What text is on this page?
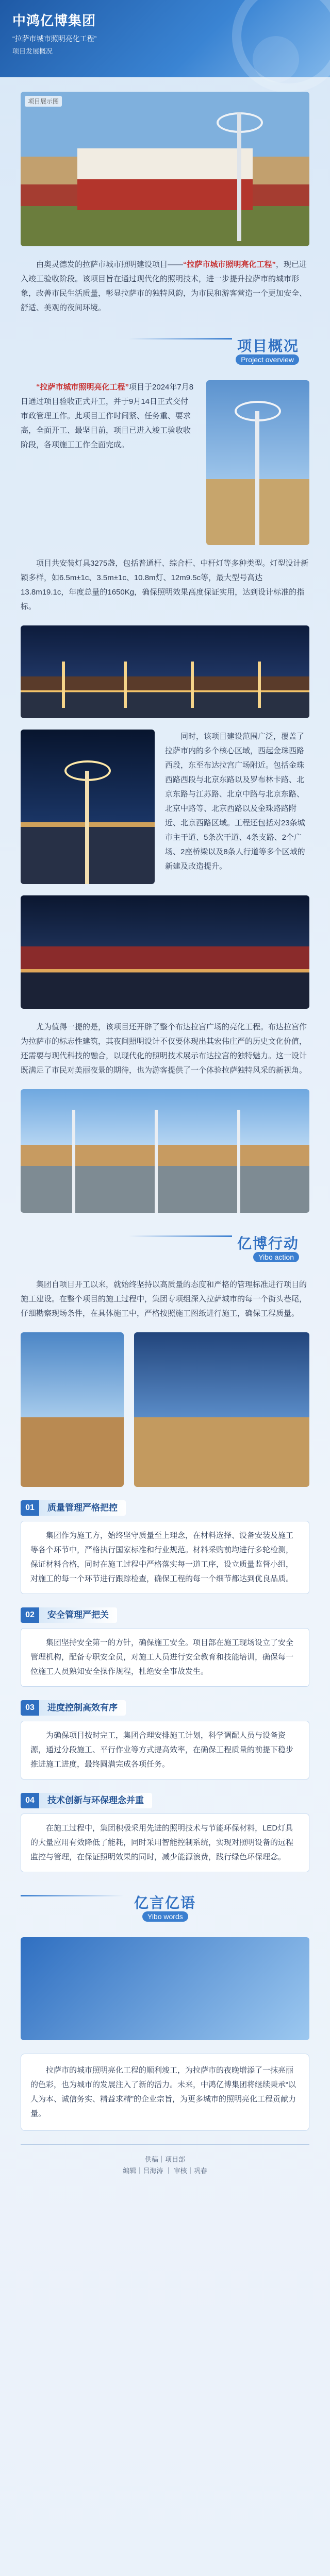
中鸿亿博集团
“拉萨市城市照明亮化工程”
项目发展概况
项目展示图
由奥灵德发的拉萨市城市照明建设项目——“拉萨市城市照明亮化工程”，现已进入竣工验收阶段。该项目旨在通过现代化的照明技术，进一步提升拉萨市的城市形象，改善市民生活质量，彰显拉萨市的独特风韵，为市民和游客营造一个更加安全、舒适、美观的夜间环境。
项目概况
Project overview
“拉萨市城市照明亮化工程”项目于2024年7月8日通过项目验收正式开工，并于9月14日正式交付市政管理工作。此项目工作时间紧、任务重、要求高，全面开工、最坚目前，项目已进入竣工验收收阶段，各项施工工作全面完成。
项目共安装灯具3275盏，包括普通杆、综合杆、中杆灯等多种类型。灯型设计新颖多样，如6.5m±1c、3.5m±1c、10.8m灯、12m9.5c等，最大型号高达13.8m19.1c，年度总量的1650Kg，确保照明效果高度保证实用，达到设计标准的指标。
同时，该项目建设范围广泛，覆盖了拉萨市内的多个核心区域，西起金珠西路西段，东至布达拉宫广场附近。包括金珠西路西段与北京东路以及罗布林卡路、北京东路与江苏路、北京中路与北京东路、北京中路等、北京西路以及金珠路路附近、北京西路区域。工程还包括对23条城市主干道、5条次干道、4条支路、2个广场、2座桥梁以及8条人行道等多个区域的新建及改造提升。
尤为值得一提的是，该项目还开辟了整个布达拉宫广场的亮化工程。布达拉宫作为拉萨市的标志性建筑，其夜间照明设计不仅要体现出其宏伟庄严的历史文化价值，还需要与现代科技的融合，以现代化的照明技术展示布达拉宫的独特魅力。这一设计既满足了市民对美丽夜景的期待，也为游客提供了一个体验拉萨独特风采的新视角。
亿博行动
Yibo action
集团自项目开工以来，就始终坚持以高质量的态度和严格的管理标准进行项目的施工建设。在整个项目的施工过程中，集团专项组深入拉萨城市的每一个街头巷尾，仔细勘察现场条件，在具体施工中，严格按照施工图纸进行施工，确保工程质量。
01 质量管理严格把控
集团作为施工方，始终坚守质量至上理念，在材料选择、设备安装及施工等各个环节中，严格执行国家标准和行业规范。材料采购前均进行多轮检测，保证材料合格，同时在施工过程中严格落实每一道工序，设立质量监督小组，对施工的每一个环节进行跟踪检查，确保工程的每一个细节都达到优良品质。
02 安全管理严把关
集团坚持安全第一的方针，确保施工安全。项目部在施工现场设立了安全管理机构，配备专职安全员，对施工人员进行安全教育和技能培训，确保每一位施工人员熟知安全操作规程，杜绝安全事故发生。
03 进度控制高效有序
为确保项目按时完工，集团合理安排施工计划，科学调配人员与设备资源，通过分段施工、平行作业等方式提高效率，在确保工程质量的前提下稳步推进施工进度，最终圆满完成各项任务。
04 技术创新与环保理念并重
在施工过程中，集团积极采用先进的照明技术与节能环保材料，LED灯具的大量应用有效降低了能耗，同时采用智能控制系统，实现对照明设备的远程监控与管理，在保证照明效果的同时，减少能源浪费，践行绿色环保理念。
亿言亿语
Yibo words
拉萨市的城市照明亮化工程的顺利竣工，为拉萨市的夜晚增添了一抹亮丽的色彩，也为城市的发展注入了新的活力。未来，中鸿亿博集团将继续秉承“以人为本、诚信务实、精益求精”的企业宗旨，为更多城市的照明亮化工程贡献力量。
供稿｜项目部
编辑｜吕海涛 ｜ 审核｜巩春
